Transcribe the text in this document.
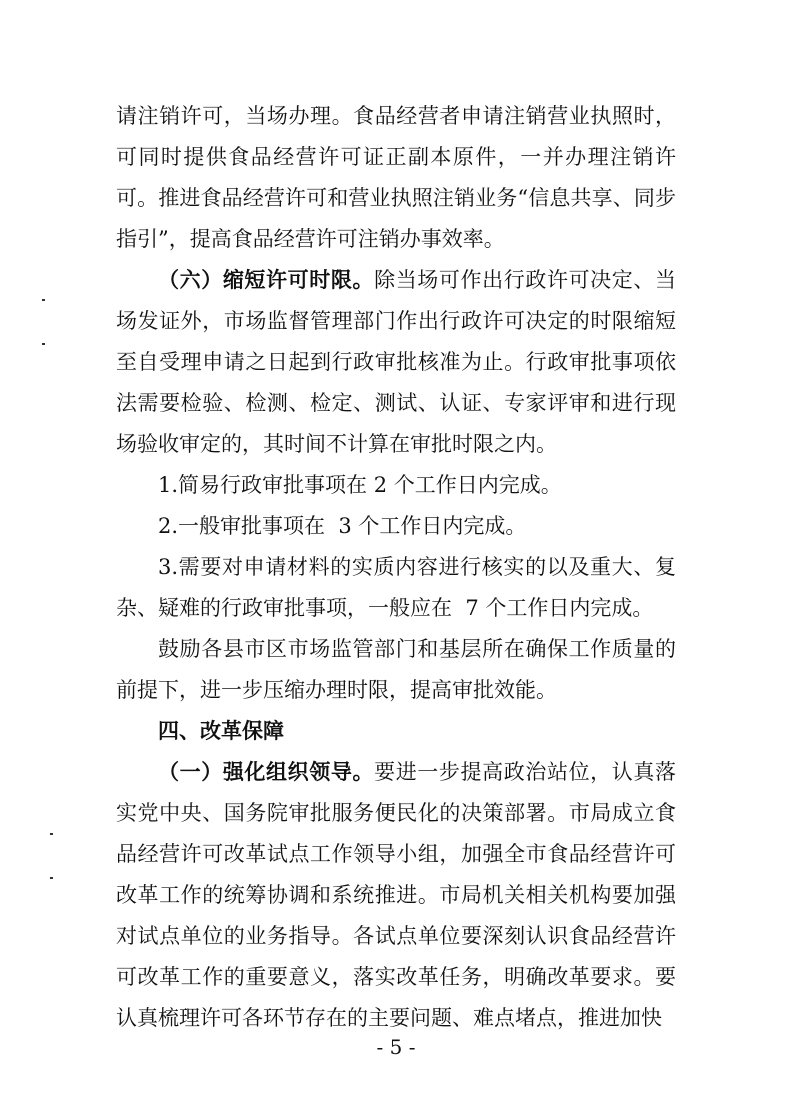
请注销许可，当场办理。食品经营者申请注销营业执照时，可同时提供食品经营许可证正副本原件，一并办理注销许可。推进食品经营许可和营业执照注销业务“信息共享、同步指引”，提高食品经营许可注销办事效率。

（六）缩短许可时限。除当场可作出行政许可决定、当场发证外，市场监督管理部门作出行政许可决定的时限缩短至自受理申请之日起到行政审批核准为止。行政审批事项依法需要检验、检测、检定、测试、认证、专家评审和进行现场验收审定的，其时间不计算在审批时限之内。

1.简易行政审批事项在 2 个工作日内完成。

2.一般审批事项在  3 个工作日内完成。

3.需要对申请材料的实质内容进行核实的以及重大、复杂、疑难的行政审批事项，一般应在  7 个工作日内完成。

鼓励各县市区市场监管部门和基层所在确保工作质量的前提下，进一步压缩办理时限，提高审批效能。

四、改革保障

（一）强化组织领导。要进一步提高政治站位，认真落实党中央、国务院审批服务便民化的决策部署。市局成立食品经营许可改革试点工作领导小组，加强全市食品经营许可改革工作的统筹协调和系统推进。市局机关相关机构要加强对试点单位的业务指导。各试点单位要深刻认识食品经营许可改革工作的重要意义，落实改革任务，明确改革要求。要认真梳理许可各环节存在的主要问题、难点堵点，推进加快

- 5 -
